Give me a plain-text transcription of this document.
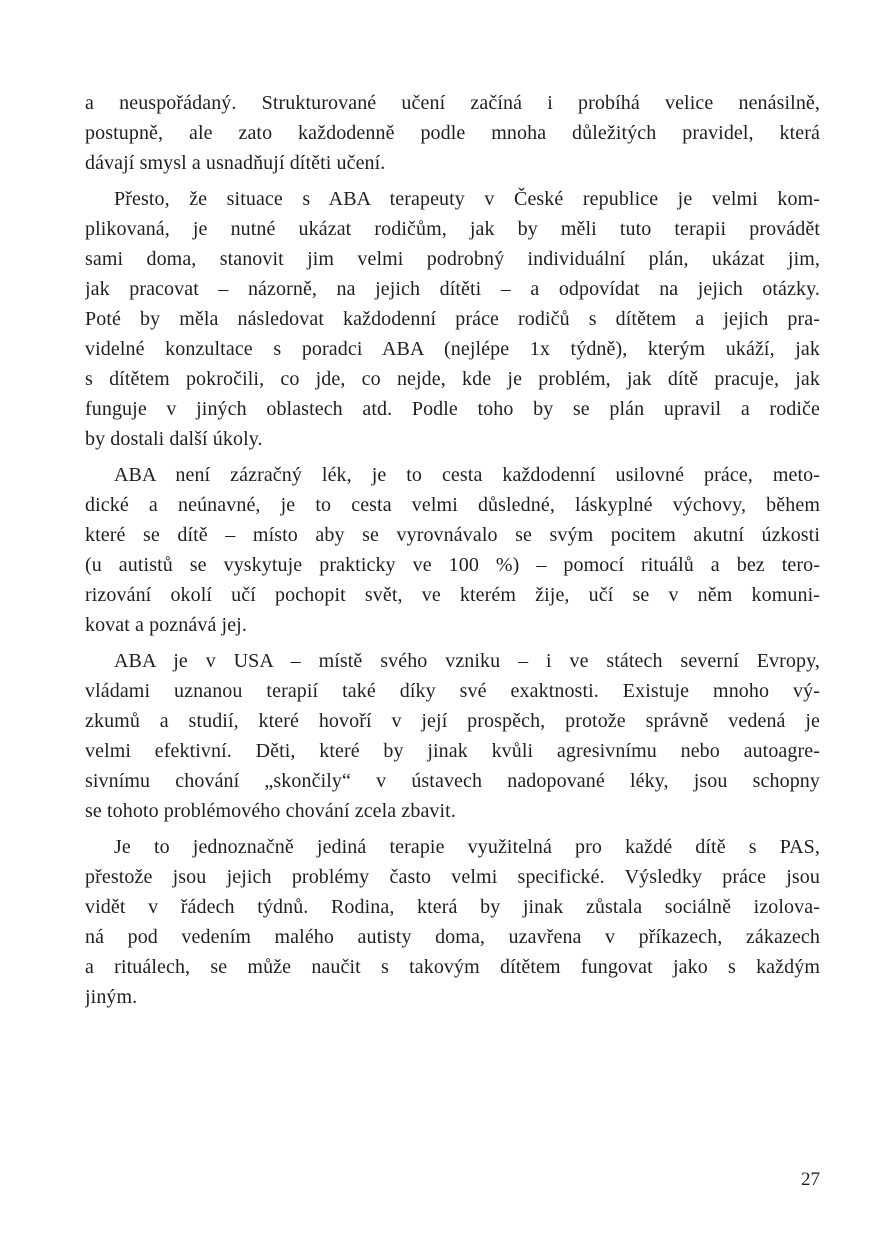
a neuspořádaný. Strukturované učení začíná i probíhá velice nenásilně,
postupně, ale zato každodenně podle mnoha důležitých pravidel, která
dávají smysl a usnadňují dítěti učení.
Přesto, že situace s ABA terapeuty v České republice je velmi kom-
plikovaná, je nutné ukázat rodičům, jak by měli tuto terapii provádět
sami doma, stanovit jim velmi podrobný individuální plán, ukázat jim,
jak pracovat – názorně, na jejich dítěti – a odpovídat na jejich otázky.
Poté by měla následovat každodenní práce rodičů s dítětem a jejich pra-
videlné konzultace s poradci ABA (nejlépe 1x týdně), kterým ukáží, jak
s dítětem pokročili, co jde, co nejde, kde je problém, jak dítě pracuje, jak
funguje v jiných oblastech atd. Podle toho by se plán upravil a rodiče
by dostali další úkoly.
ABA není zázračný lék, je to cesta každodenní usilovné práce, meto-
dické a neúnavné, je to cesta velmi důsledné, láskyplné výchovy, během
které se dítě – místo aby se vyrovnávalo se svým pocitem akutní úzkosti
(u autistů se vyskytuje prakticky ve 100 %) – pomocí rituálů a bez tero-
rizování okolí učí pochopit svět, ve kterém žije, učí se v něm komuni-
kovat a poznává jej.
ABA je v USA – místě svého vzniku – i ve státech severní Evropy,
vládami uznanou terapií také díky své exaktnosti. Existuje mnoho vý-
zkumů a studií, které hovoří v její prospěch, protože správně vedená je
velmi efektivní. Děti, které by jinak kvůli agresivnímu nebo autoagre-
sivnímu chování „skončily“ v ústavech nadopované léky, jsou schopny
se tohoto problémového chování zcela zbavit.
Je to jednoznačně jediná terapie využitelná pro každé dítě s PAS,
přestože jsou jejich problémy často velmi specifické. Výsledky práce jsou
vidět v řádech týdnů. Rodina, která by jinak zůstala sociálně izolova-
ná pod vedením malého autisty doma, uzavřena v příkazech, zákazech
a rituálech, se může naučit s takovým dítětem fungovat jako s každým
jiným.
27
